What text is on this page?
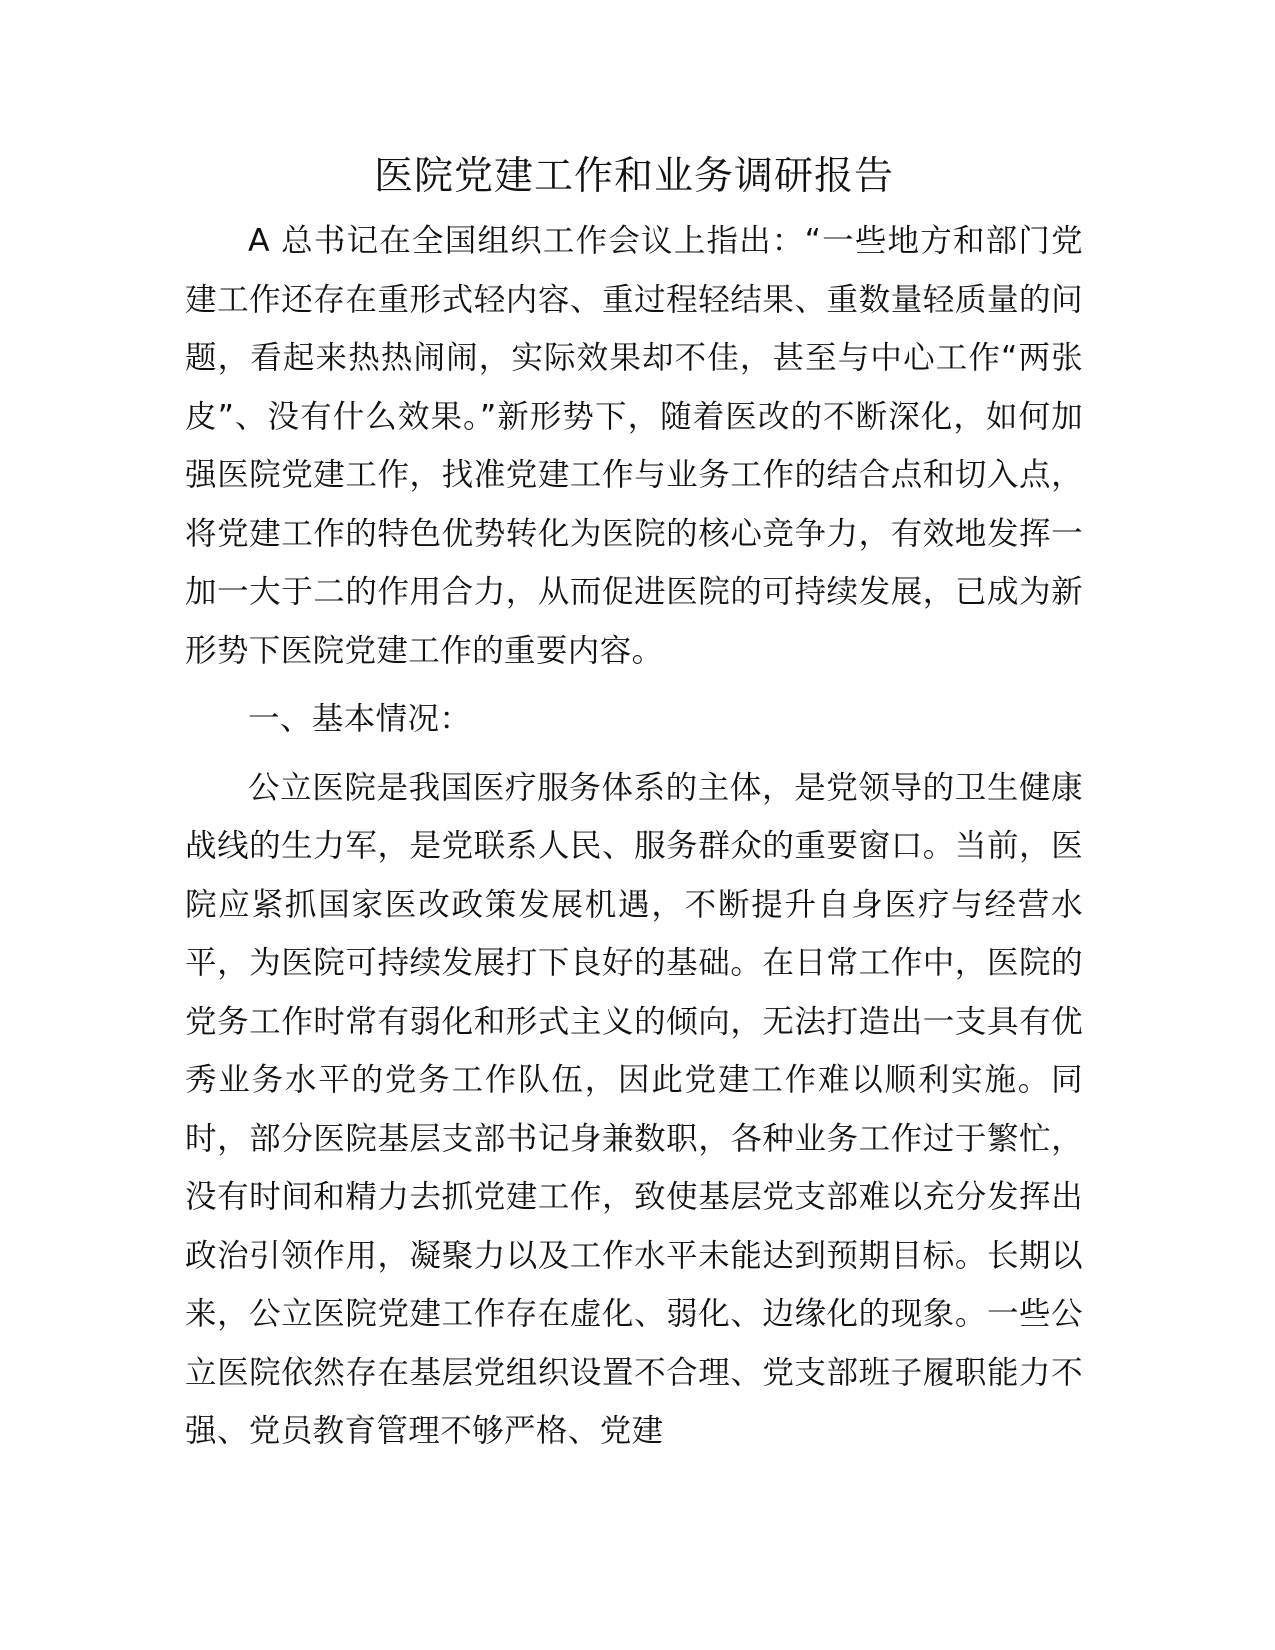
医院党建工作和业务调研报告

A 总书记在全国组织工作会议上指出：“一些地方和部门党建工作还存在重形式轻内容、重过程轻结果、重数量轻质量的问题，看起来热热闹闹，实际效果却不佳，甚至与中心工作“两张皮”、没有什么效果。”新形势下，随着医改的不断深化，如何加强医院党建工作，找准党建工作与业务工作的结合点和切入点，将党建工作的特色优势转化为医院的核心竞争力，有效地发挥一加一大于二的作用合力，从而促进医院的可持续发展，已成为新形势下医院党建工作的重要内容。

一、基本情况：

公立医院是我国医疗服务体系的主体，是党领导的卫生健康战线的生力军，是党联系人民、服务群众的重要窗口。当前，医院应紧抓国家医改政策发展机遇，不断提升自身医疗与经营水平，为医院可持续发展打下良好的基础。在日常工作中，医院的党务工作时常有弱化和形式主义的倾向，无法打造出一支具有优秀业务水平的党务工作队伍，因此党建工作难以顺利实施。同时，部分医院基层支部书记身兼数职，各种业务工作过于繁忙，没有时间和精力去抓党建工作，致使基层党支部难以充分发挥出政治引领作用，凝聚力以及工作水平未能达到预期目标。长期以来，公立医院党建工作存在虚化、弱化、边缘化的现象。一些公立医院依然存在基层党组织设置不合理、党支部班子履职能力不强、党员教育管理不够严格、党建
